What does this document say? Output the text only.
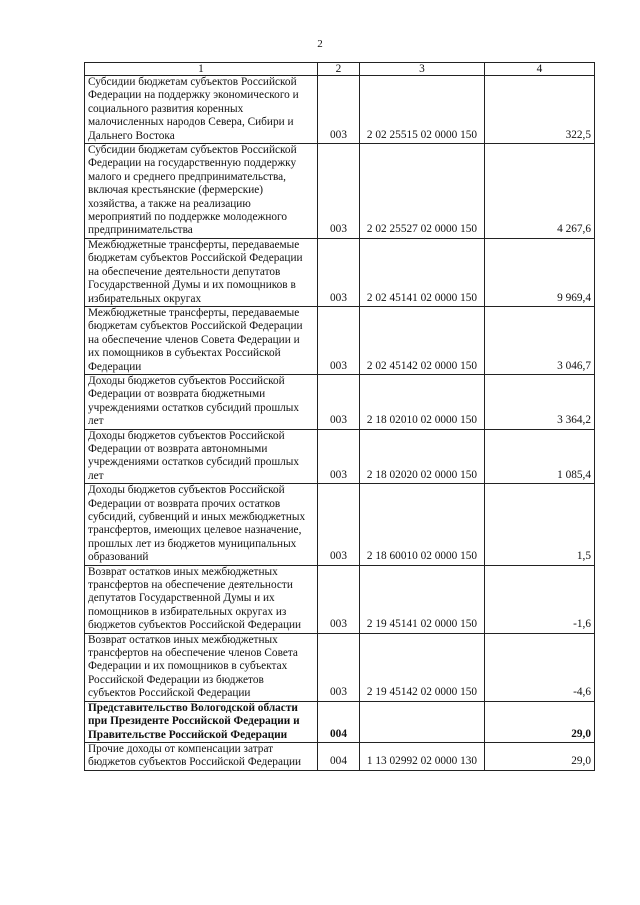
2
1	2	3	4
Субсидии бюджетам субъектов Российской Федерации на поддержку экономического и социального развития коренных малочисленных народов Севера, Сибири и Дальнего Востока	003	2 02 25515 02 0000 150	322,5
Субсидии бюджетам субъектов Российской Федерации на государственную поддержку малого и среднего предпринимательства, включая крестьянские (фермерские) хозяйства, а также на реализацию мероприятий по поддержке молодежного предпринимательства	003	2 02 25527 02 0000 150	4 267,6
Межбюджетные трансферты, передаваемые бюджетам субъектов Российской Федерации на обеспечение деятельности депутатов Государственной Думы и их помощников в избирательных округах	003	2 02 45141 02 0000 150	9 969,4
Межбюджетные трансферты, передаваемые бюджетам субъектов Российской Федерации на обеспечение членов Совета Федерации и их помощников в субъектах Российской Федерации	003	2 02 45142 02 0000 150	3 046,7
Доходы бюджетов субъектов Российской Федерации от возврата бюджетными учреждениями остатков субсидий прошлых лет	003	2 18 02010 02 0000 150	3 364,2
Доходы бюджетов субъектов Российской Федерации от возврата автономными учреждениями остатков субсидий прошлых лет	003	2 18 02020 02 0000 150	1 085,4
Доходы бюджетов субъектов Российской Федерации от возврата прочих остатков субсидий, субвенций и иных межбюджетных трансфертов, имеющих целевое назначение, прошлых лет из бюджетов муниципальных образований	003	2 18 60010 02 0000 150	1,5
Возврат остатков иных межбюджетных трансфертов на обеспечение деятельности депутатов Государственной Думы и их помощников в избирательных округах из бюджетов субъектов Российской Федерации	003	2 19 45141 02 0000 150	-1,6
Возврат остатков иных межбюджетных трансфертов на обеспечение членов Совета Федерации и их помощников в субъектах Российской Федерации из бюджетов субъектов Российской Федерации	003	2 19 45142 02 0000 150	-4,6
Представительство Вологодской области при Президенте Российской Федерации и Правительстве Российской Федерации	004		29,0
Прочие доходы от компенсации затрат бюджетов субъектов Российской Федерации	004	1 13 02992 02 0000 130	29,0
